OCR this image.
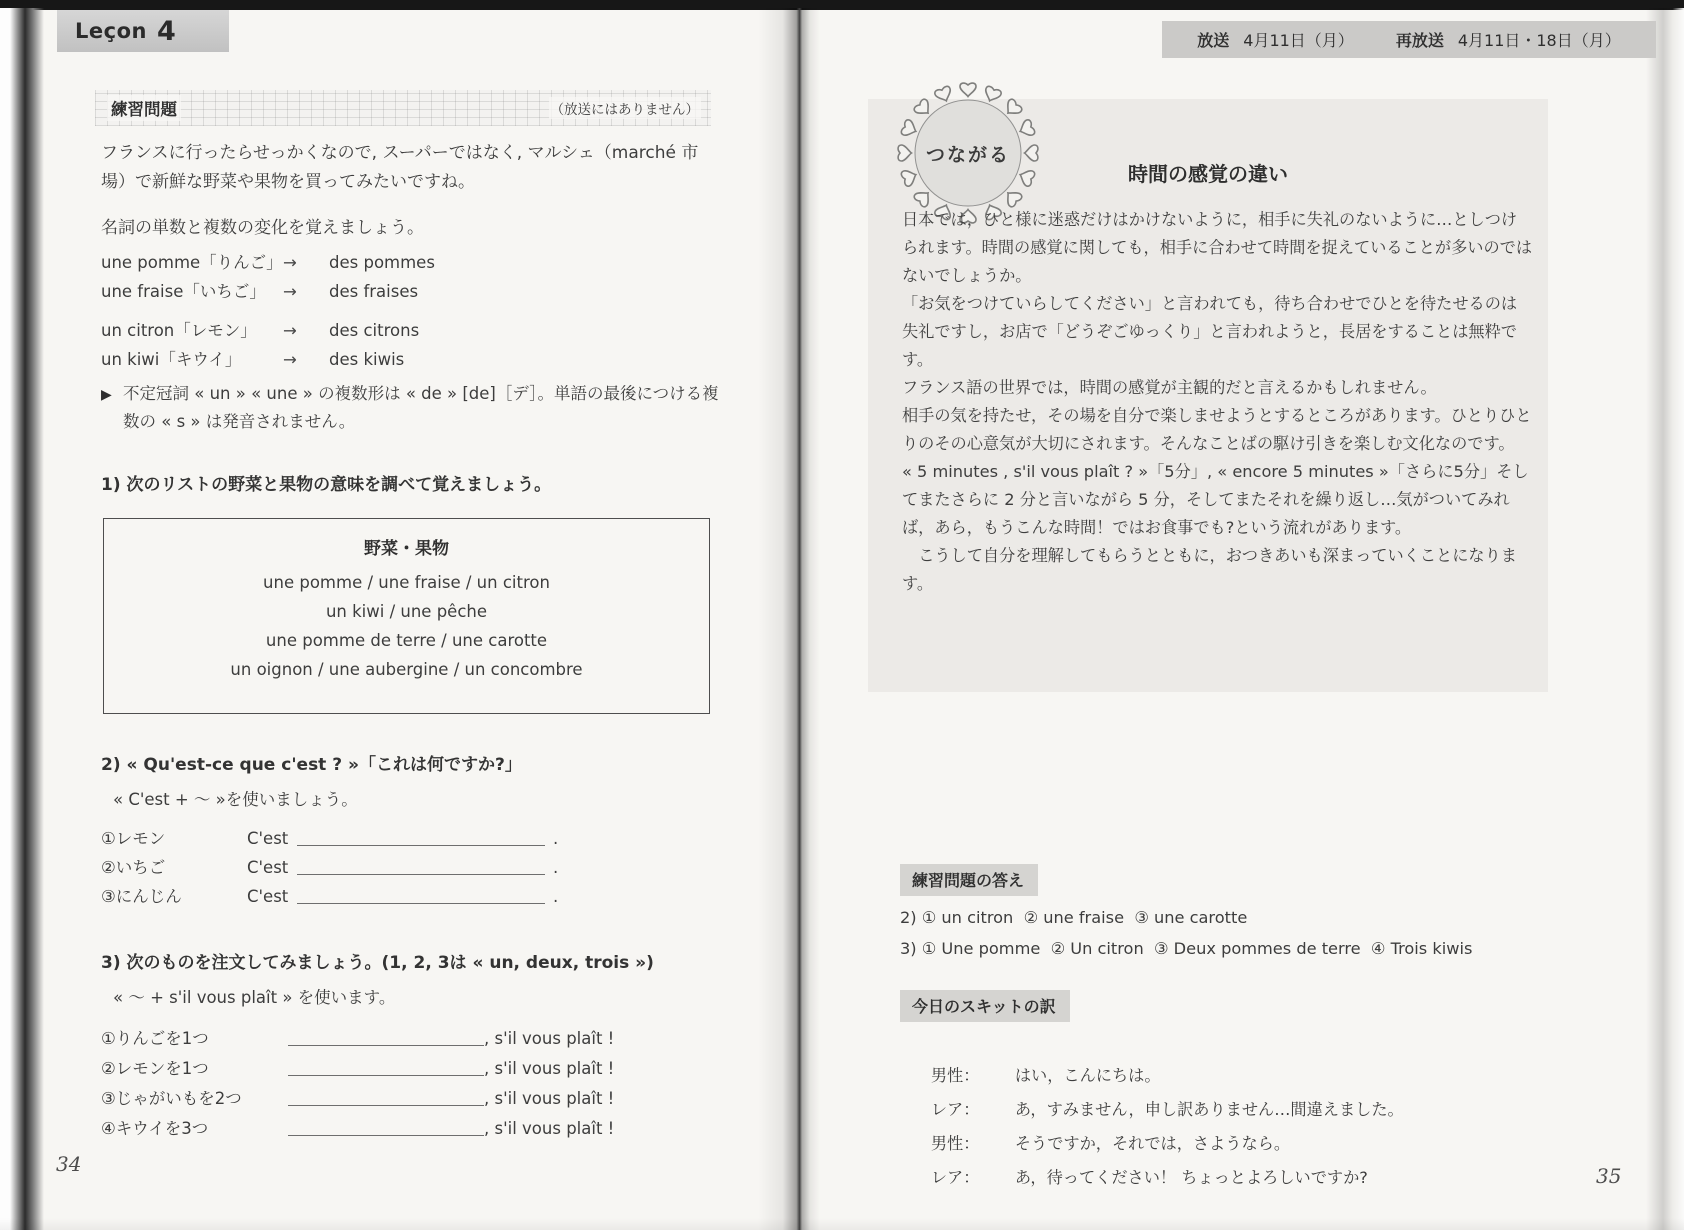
Leçon 4
練習問題	（放送にはありません）
フランスに行ったらせっかくなので, スーパーではなく, マルシェ（marché 市場）で新鮮な野菜や果物を買ってみたいですね。
名詞の単数と複数の変化を覚えましょう。
une pomme「りんご」→ des pommes
une fraise「いちご」 → des fraises
un citron「レモン」 → des citrons
un kiwi「キウイ」	→ des kiwis
▶ 不定冠詞 « un » « une » の複数形は « de » [de]［デ］。単語の最後につける複数の « s » は発音されません。
1) 次のリストの野菜と果物の意味を調べて覚えましょう。
野菜・果物
une pomme / une fraise / un citron
un kiwi / une pêche
une pomme de terre / une carotte
un oignon / une aubergine / un concombre
2) « Qu'est-ce que c'est ? »「これは何ですか?」
« C'est + ～ »を使いましょう。
①レモン	C'est	.
②いちご	C'est	.
③にんじん	C'est	.
3) 次のものを注文してみましょう。(1, 2, 3は « un, deux, trois »)
« ～ + s'il vous plaît » を使います。
①りんごを1つ	, s'il vous plaît !
②レモンを1つ	, s'il vous plaît !
③じゃがいもを2つ	, s'il vous plaît !
④キウイを3つ	, s'il vous plaît !
34
放送 4月11日（月）	再放送 4月11日・18日（月）
つながる
時間の感覚の違い

日本では，ひと様に迷惑だけはかけないように，相手に失礼のないように…としつけられます。時間の感覚に関しても，相手に合わせて時間を捉えていることが多いのではないでしょうか。

「お気をつけていらしてください」と言われても，待ち合わせでひとを待たせるのは失礼ですし，お店で「どうぞごゆっくり」と言われようと，長居をすることは無粋です。

フランス語の世界では，時間の感覚が主観的だと言えるかもしれません。

相手の気を持たせ，その場を自分で楽しませようとするところがあります。ひとりひとりのその心意気が大切にされます。そんなことばの駆け引きを楽しむ文化なのです。

« 5 minutes , s'il vous plaît ? »「5分」, « encore 5 minutes »「さらに5分」そしてまたさらに 2 分と言いながら 5 分，そしてまたそれを繰り返し…気がついてみれば，あら，もうこんな時間！ではお食事でも?という流れがあります。

こうして自分を理解してもらうとともに，おつきあいも深まっていくことになります。

練習問題の答え
2) ① un citron  ② une fraise  ③ une carotte
3) ① Une pomme  ② Un citron  ③ Deux pommes de terre  ④ Trois kiwis
今日のスキットの訳

男性： はい，こんにちは。

レア： あ，すみません，申し訳ありません…間違えました。

男性： そうですか，それでは，さようなら。

レア： あ，待ってください！ ちょっとよろしいですか?
	35
